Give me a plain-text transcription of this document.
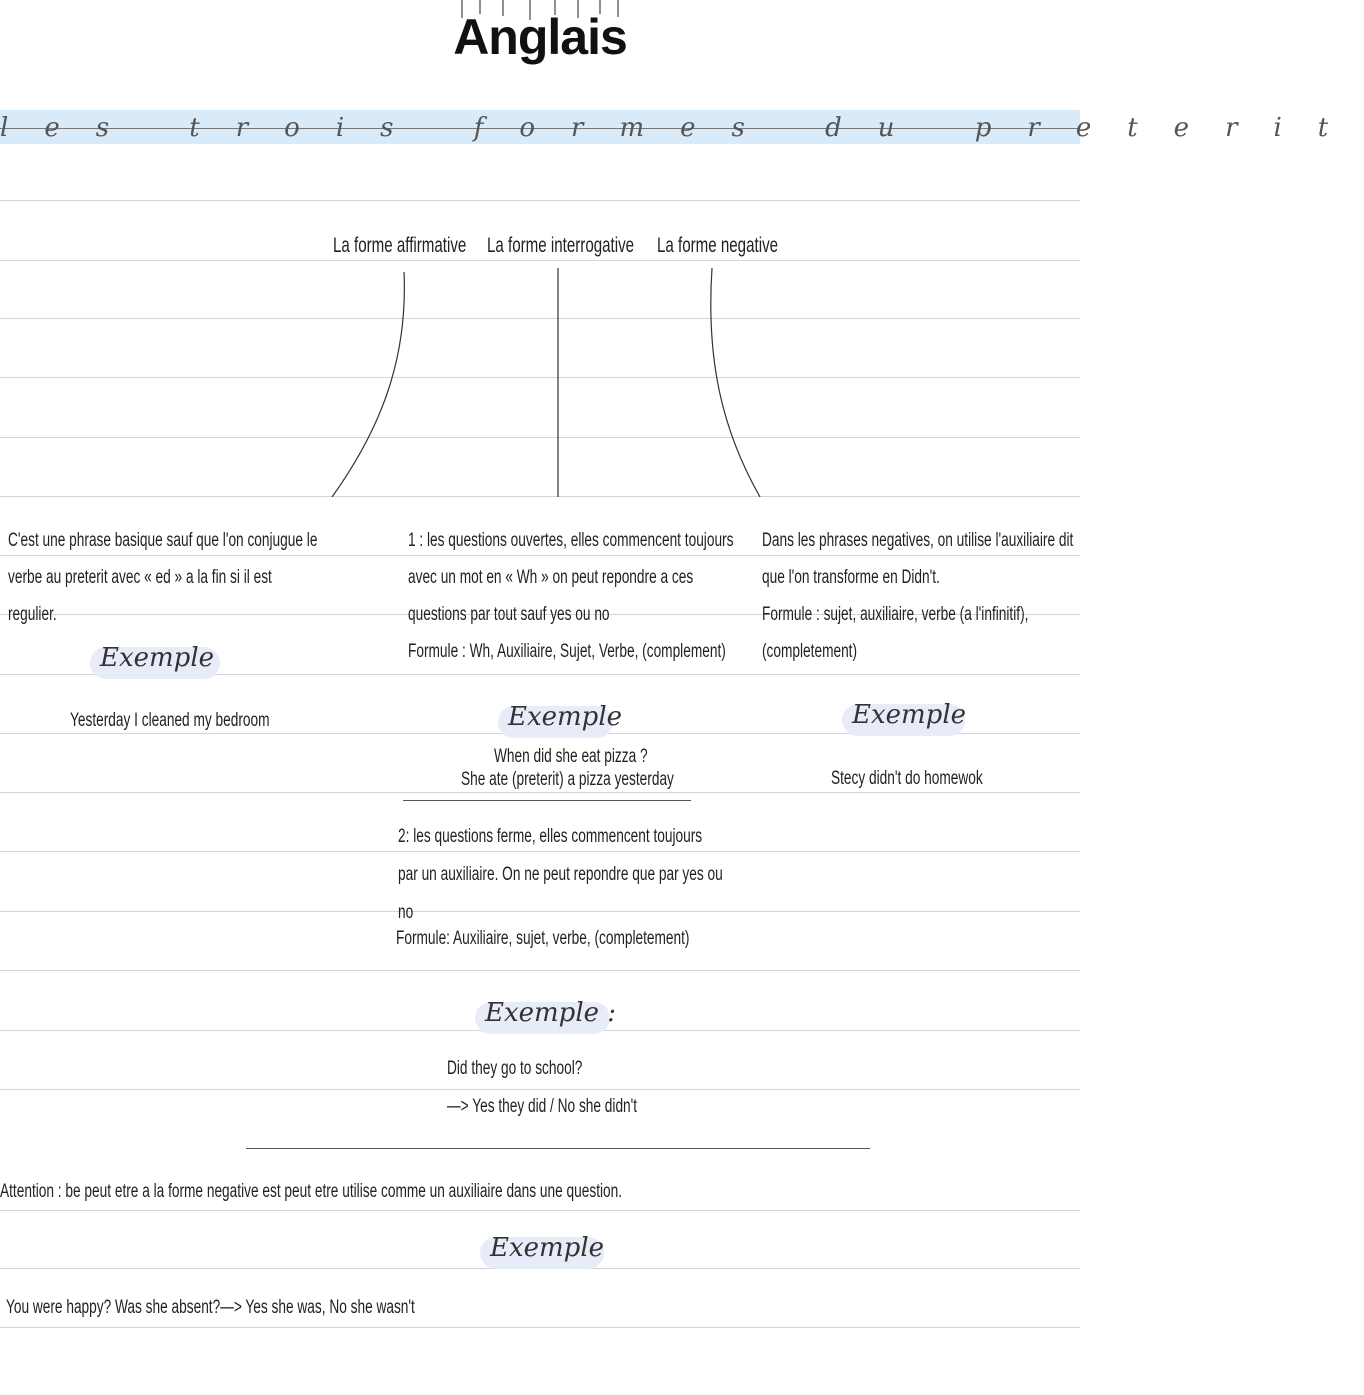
Anglais
les trois formes du preterit
La forme affirmative La forme interrogative La forme negative
C'est une phrase basique sauf que l'on conjugue le
verbe au preterit avec « ed » a la fin si il est
regulier.
Exemple
Yesterday I cleaned my bedroom
1 : les questions ouvertes, elles commencent toujours
avec un mot en « Wh » on peut repondre a ces
questions par tout sauf yes ou no
Formule : Wh, Auxiliaire, Sujet, Verbe, (complement)
Exemple
When did she eat pizza ?
She ate (preterit) a pizza yesterday
2: les questions ferme, elles commencent toujours
par un auxiliaire. On ne peut repondre que par yes ou
no
Formule: Auxiliaire, sujet, verbe, (completement)
Exemple :
Did they go to school?
—> Yes they did / No she didn't
Dans les phrases negatives, on utilise l'auxiliaire dit
que l'on transforme en Didn't.
Formule : sujet, auxiliaire, verbe (a l'infinitif),
(completement)
Exemple
Stecy didn't do homewok
Attention : be peut etre a la forme negative est peut etre utilise comme un auxiliaire dans une question.
Exemple
You were happy? Was she absent?—> Yes she was, No she wasn't
